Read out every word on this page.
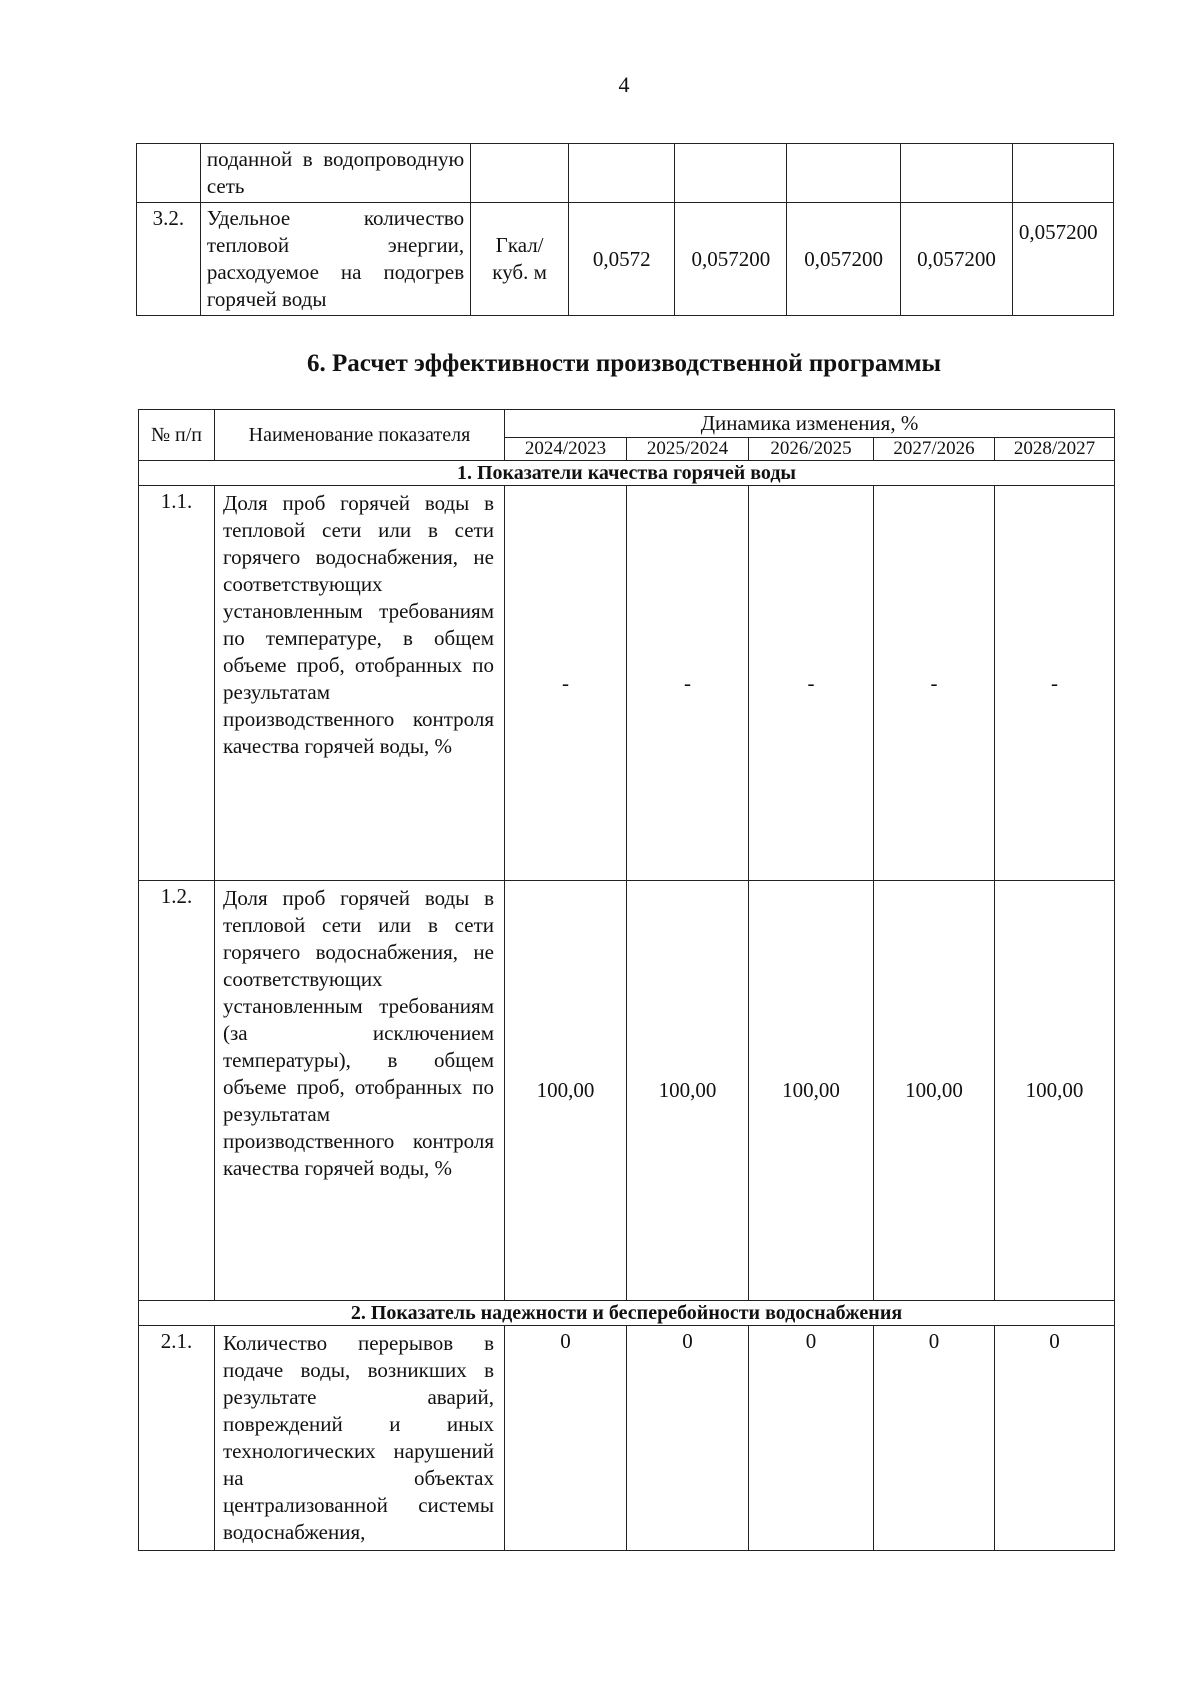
4
	поданной в водопроводную сеть						
3.2.	Удельное количество тепловой энергии, расходуемое на подогрев горячей воды	Гкал/ куб. м	0,0572	0,057200	0,057200	0,057200	0,057200
6. Расчет эффективности производственной программы
№ п/п	Наименование показателя	Динамика изменения, %				
		2024/2023	2025/2024	2026/2025	2027/2026	2028/2027
1. Показатели качества горячей воды						
1.1.	Доля проб горячей воды в тепловой сети или в сети горячего водоснабжения, не соответствующих установленным требованиям по температуре, в общем объеме проб, отобранных по результатам производственного контроля качества горячей воды, %	-	-	-	-	-
1.2.	Доля проб горячей воды в тепловой сети или в сети горячего водоснабжения, не соответствующих установленным требованиям (за исключением температуры), в общем объеме проб, отобранных по результатам производственного контроля качества горячей воды, %	100,00	100,00	100,00	100,00	100,00
2. Показатель надежности и бесперебойности водоснабжения						
2.1.	Количество перерывов в подаче воды, возникших в результате аварий, повреждений и иных технологических нарушений на объектах централизованной системы водоснабжения,	0	0	0	0	0
